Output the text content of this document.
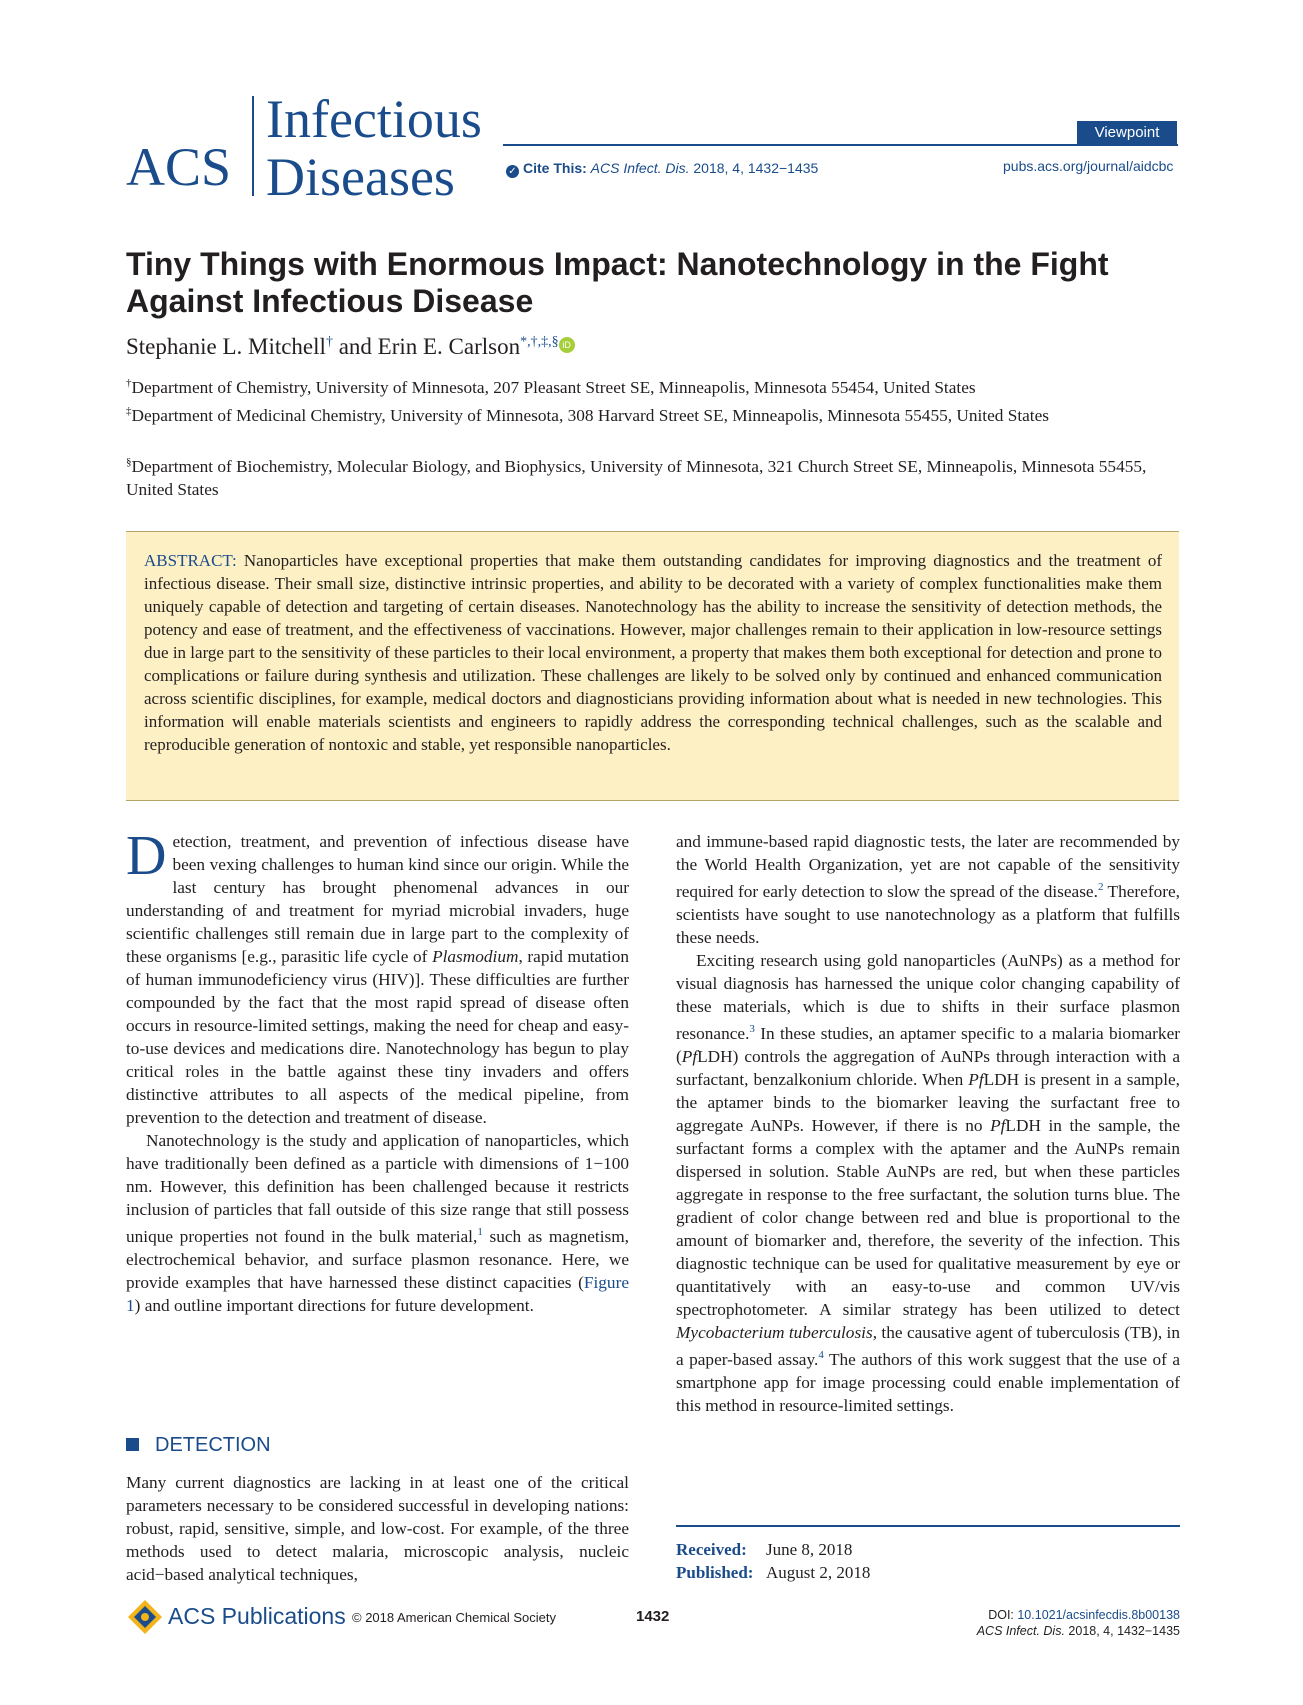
ACS
Infectious
Diseases
Viewpoint
✓ Cite This: ACS Infect. Dis. 2018, 4, 1432−1435	pubs.acs.org/journal/aidcbc
Tiny Things with Enormous Impact: Nanotechnology in the Fight Against Infectious Disease
Stephanie L. Mitchell† and Erin E. Carlson*,†,‡,§ iD
†Department of Chemistry, University of Minnesota, 207 Pleasant Street SE, Minneapolis, Minnesota 55454, United States
‡Department of Medicinal Chemistry, University of Minnesota, 308 Harvard Street SE, Minneapolis, Minnesota 55455, United States
§Department of Biochemistry, Molecular Biology, and Biophysics, University of Minnesota, 321 Church Street SE, Minneapolis, Minnesota 55455, United States
ABSTRACT: Nanoparticles have exceptional properties that make them outstanding candidates for improving diagnostics and the treatment of infectious disease. Their small size, distinctive intrinsic properties, and ability to be decorated with a variety of complex functionalities make them uniquely capable of detection and targeting of certain diseases. Nanotechnology has the ability to increase the sensitivity of detection methods, the potency and ease of treatment, and the effectiveness of vaccinations. However, major challenges remain to their application in low-resource settings due in large part to the sensitivity of these particles to their local environment, a property that makes them both exceptional for detection and prone to complications or failure during synthesis and utilization. These challenges are likely to be solved only by continued and enhanced communication across scientific disciplines, for example, medical doctors and diagnosticians providing information about what is needed in new technologies. This information will enable materials scientists and engineers to rapidly address the corresponding technical challenges, such as the scalable and reproducible generation of nontoxic and stable, yet responsible nanoparticles.

Detection, treatment, and prevention of infectious disease have been vexing challenges to human kind since our origin. While the last century has brought phenomenal advances in our understanding of and treatment for myriad microbial invaders, huge scientific challenges still remain due in large part to the complexity of these organisms [e.g., parasitic life cycle of Plasmodium, rapid mutation of human immunodeficiency virus (HIV)]. These difficulties are further compounded by the fact that the most rapid spread of disease often occurs in resource-limited settings, making the need for cheap and easy-to-use devices and medications dire. Nanotechnology has begun to play critical roles in the battle against these tiny invaders and offers distinctive attributes to all aspects of the medical pipeline, from prevention to the detection and treatment of disease.

Nanotechnology is the study and application of nanoparticles, which have traditionally been defined as a particle with dimensions of 1−100 nm. However, this definition has been challenged because it restricts inclusion of particles that fall outside of this size range that still possess unique properties not found in the bulk material,$^1$ such as magnetism, electrochemical behavior, and surface plasmon resonance. Here, we provide examples that have harnessed these distinct capacities (Figure 1) and outline important directions for future development.

DETECTION

Many current diagnostics are lacking in at least one of the critical parameters necessary to be considered successful in developing nations: robust, rapid, sensitive, simple, and low-cost. For example, of the three methods used to detect malaria, microscopic analysis, nucleic acid−based analytical techniques,

and immune-based rapid diagnostic tests, the later are recommended by the World Health Organization, yet are not capable of the sensitivity required for early detection to slow the spread of the disease.$^2$ Therefore, scientists have sought to use nanotechnology as a platform that fulfills these needs.

Exciting research using gold nanoparticles (AuNPs) as a method for visual diagnosis has harnessed the unique color changing capability of these materials, which is due to shifts in their surface plasmon resonance.$^3$ In these studies, an aptamer specific to a malaria biomarker (PfLDH) controls the aggregation of AuNPs through interaction with a surfactant, benzalkonium chloride. When PfLDH is present in a sample, the aptamer binds to the biomarker leaving the surfactant free to aggregate AuNPs. However, if there is no PfLDH in the sample, the surfactant forms a complex with the aptamer and the AuNPs remain dispersed in solution. Stable AuNPs are red, but when these particles aggregate in response to the free surfactant, the solution turns blue. The gradient of color change between red and blue is proportional to the amount of biomarker and, therefore, the severity of the infection. This diagnostic technique can be used for qualitative measurement by eye or quantitatively with an easy-to-use and common UV/vis spectrophotometer. A similar strategy has been utilized to detect Mycobacterium tuberculosis, the causative agent of tuberculosis (TB), in a paper-based assay.$^4$ The authors of this work suggest that the use of a smartphone app for image processing could enable implementation of this method in resource-limited settings.

Received: June 8, 2018
Published: August 2, 2018
ACS Publications © 2018 American Chemical Society	1432	DOI: 10.1021/acsinfecdis.8b00138
ACS Infect. Dis. 2018, 4, 1432−1435
